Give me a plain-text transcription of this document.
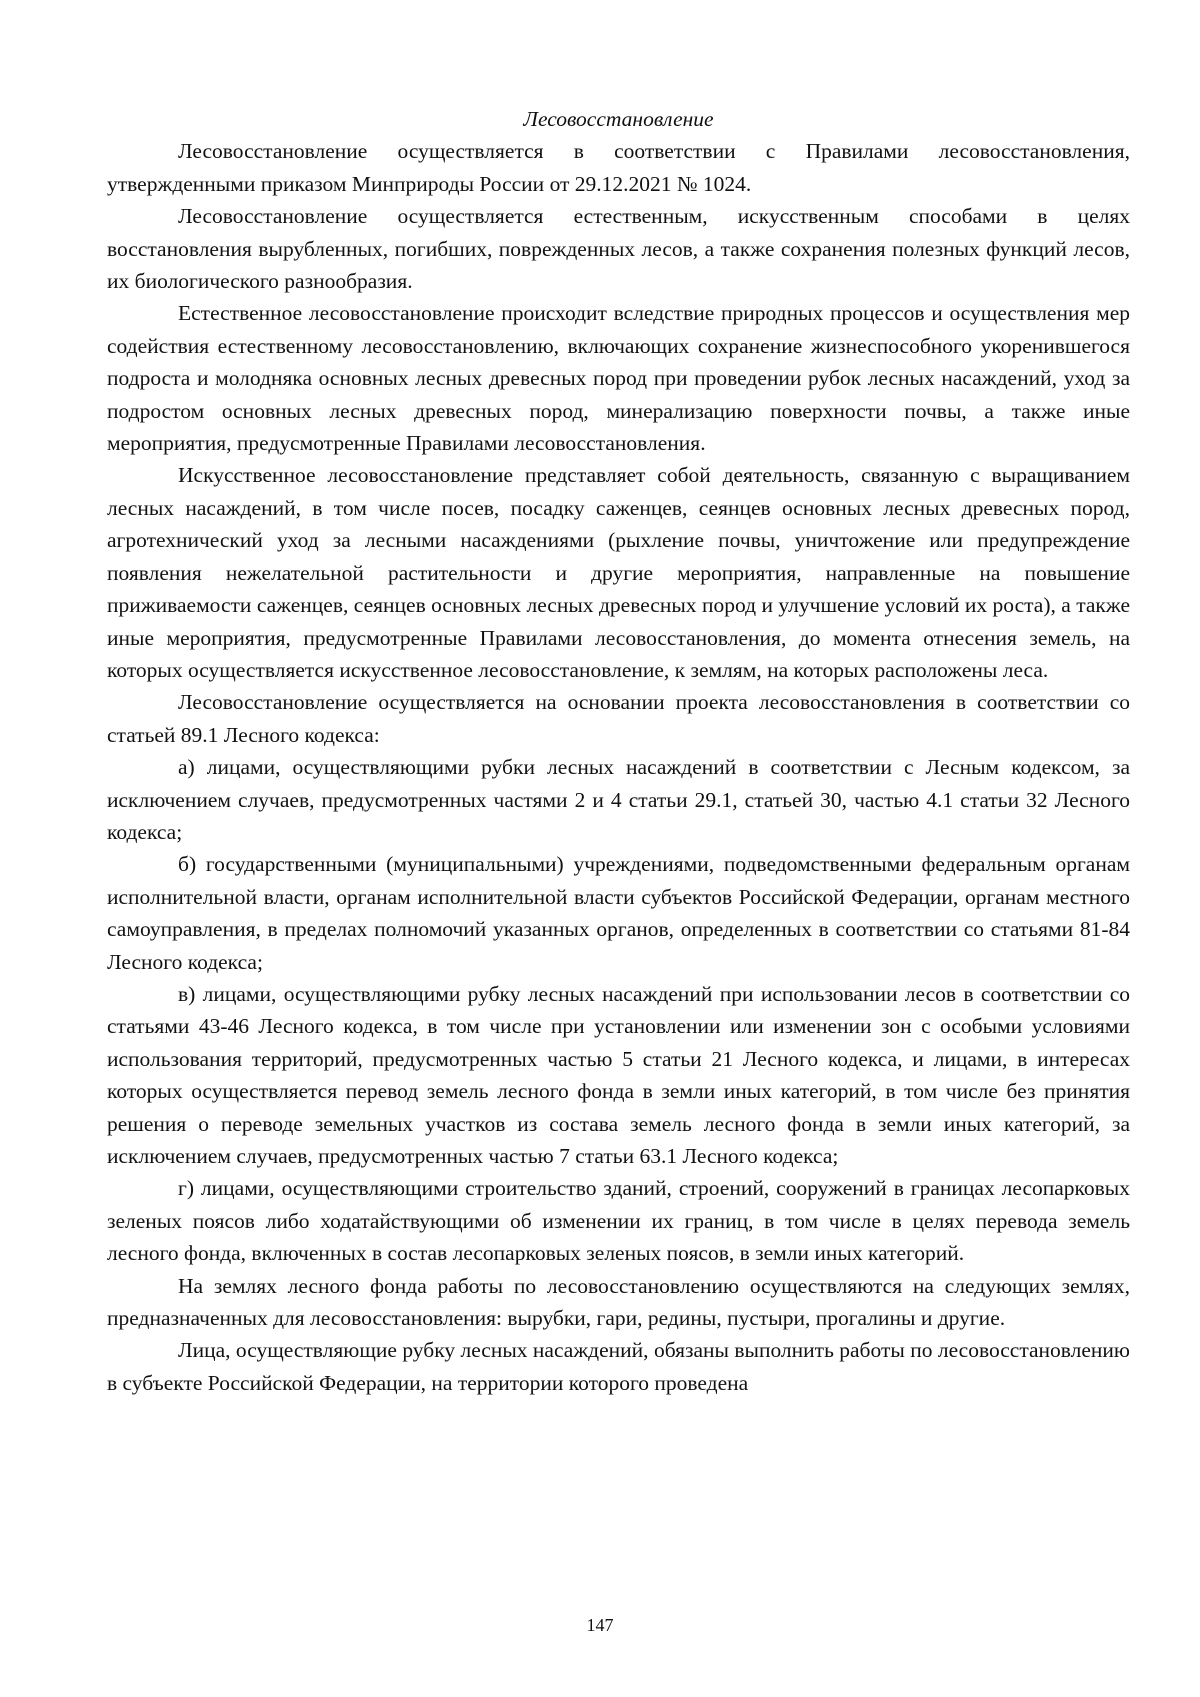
Лесовосстановление

Лесовосстановление осуществляется в соответствии с Правилами лесовосстановления, утвержденными приказом Минприроды России от 29.12.2021 № 1024.

Лесовосстановление осуществляется естественным, искусственным способами в целях восстановления вырубленных, погибших, поврежденных лесов, а также сохранения полезных функций лесов, их биологического разнообразия.

Естественное лесовосстановление происходит вследствие природных процессов и осуществления мер содействия естественному лесовосстановлению, включающих сохранение жизнеспособного укоренившегося подроста и молодняка основных лесных древесных пород при проведении рубок лесных насаждений, уход за подростом основных лесных древесных пород, минерализацию поверхности почвы, а также иные мероприятия, предусмотренные Правилами лесовосстановления.

Искусственное лесовосстановление представляет собой деятельность, связанную с выращиванием лесных насаждений, в том числе посев, посадку саженцев, сеянцев основных лесных древесных пород, агротехнический уход за лесными насаждениями (рыхление почвы, уничтожение или предупреждение появления нежелательной растительности и другие мероприятия, направленные на повышение приживаемости саженцев, сеянцев основных лесных древесных пород и улучшение условий их роста), а также иные мероприятия, предусмотренные Правилами лесовосстановления, до момента отнесения земель, на которых осуществляется искусственное лесовосстановление, к землям, на которых расположены леса.

Лесовосстановление осуществляется на основании проекта лесовосстановления в соответствии со статьей 89.1 Лесного кодекса:

а) лицами, осуществляющими рубки лесных насаждений в соответствии с Лесным кодексом, за исключением случаев, предусмотренных частями 2 и 4 статьи 29.1, статьей 30, частью 4.1 статьи 32 Лесного кодекса;

б) государственными (муниципальными) учреждениями, подведомственными федеральным органам исполнительной власти, органам исполнительной власти субъектов Российской Федерации, органам местного самоуправления, в пределах полномочий указанных органов, определенных в соответствии со статьями 81-84 Лесного кодекса;

в) лицами, осуществляющими рубку лесных насаждений при использовании лесов в соответствии со статьями 43-46 Лесного кодекса, в том числе при установлении или изменении зон с особыми условиями использования территорий, предусмотренных частью 5 статьи 21 Лесного кодекса, и лицами, в интересах которых осуществляется перевод земель лесного фонда в земли иных категорий, в том числе без принятия решения о переводе земельных участков из состава земель лесного фонда в земли иных категорий, за исключением случаев, предусмотренных частью 7 статьи 63.1 Лесного кодекса;

г) лицами, осуществляющими строительство зданий, строений, сооружений в границах лесопарковых зеленых поясов либо ходатайствующими об изменении их границ, в том числе в целях перевода земель лесного фонда, включенных в состав лесопарковых зеленых поясов, в земли иных категорий.

На землях лесного фонда работы по лесовосстановлению осуществляются на следующих землях, предназначенных для лесовосстановления: вырубки, гари, редины, пустыри, прогалины и другие.

Лица, осуществляющие рубку лесных насаждений, обязаны выполнить работы по лесовосстановлению в субъекте Российской Федерации, на территории которого проведена

147
